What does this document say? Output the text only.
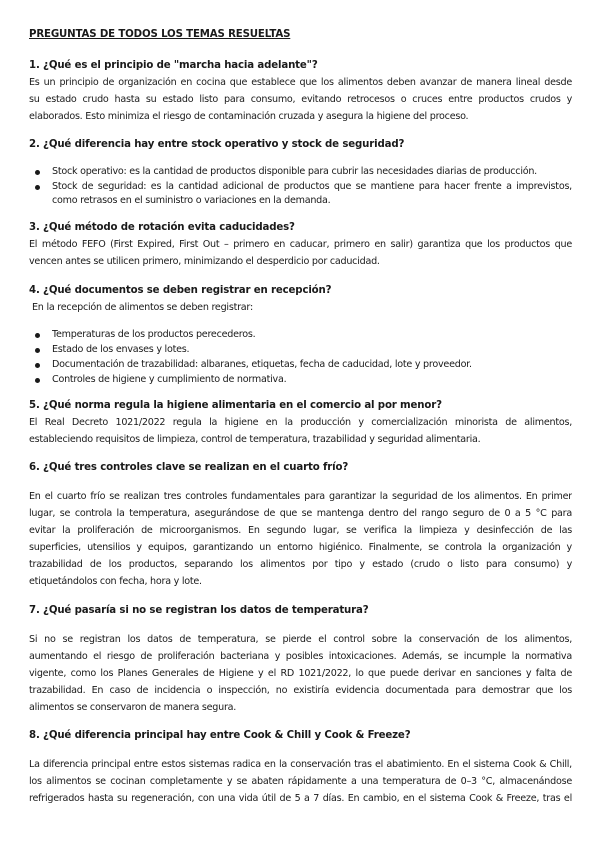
PREGUNTAS DE TODOS LOS TEMAS RESUELTAS
1. ¿Qué es el principio de "marcha hacia adelante"?
Es un principio de organización en cocina que establece que los alimentos deben avanzar de manera lineal desde
su estado crudo hasta su estado listo para consumo, evitando retrocesos o cruces entre productos crudos y
elaborados. Esto minimiza el riesgo de contaminación cruzada y asegura la higiene del proceso.
2. ¿Qué diferencia hay entre stock operativo y stock de seguridad?
Stock operativo: es la cantidad de productos disponible para cubrir las necesidades diarias de producción.
Stock de seguridad: es la cantidad adicional de productos que se mantiene para hacer frente a imprevistos,
como retrasos en el suministro o variaciones en la demanda.
3. ¿Qué método de rotación evita caducidades?
El método FEFO (First Expired, First Out – primero en caducar, primero en salir) garantiza que los productos que
vencen antes se utilicen primero, minimizando el desperdicio por caducidad.
4. ¿Qué documentos se deben registrar en recepción?
En la recepción de alimentos se deben registrar:
Temperaturas de los productos perecederos.
Estado de los envases y lotes.
Documentación de trazabilidad: albaranes, etiquetas, fecha de caducidad, lote y proveedor.
Controles de higiene y cumplimiento de normativa.
5. ¿Qué norma regula la higiene alimentaria en el comercio al por menor?
El Real Decreto 1021/2022 regula la higiene en la producción y comercialización minorista de alimentos,
estableciendo requisitos de limpieza, control de temperatura, trazabilidad y seguridad alimentaria.
6. ¿Qué tres controles clave se realizan en el cuarto frío?
En el cuarto frío se realizan tres controles fundamentales para garantizar la seguridad de los alimentos. En primer
lugar, se controla la temperatura, asegurándose de que se mantenga dentro del rango seguro de 0 a 5 °C para
evitar la proliferación de microorganismos. En segundo lugar, se verifica la limpieza y desinfección de las
superficies, utensilios y equipos, garantizando un entorno higiénico. Finalmente, se controla la organización y
trazabilidad de los productos, separando los alimentos por tipo y estado (crudo o listo para consumo) y
etiquetándolos con fecha, hora y lote.
7. ¿Qué pasaría si no se registran los datos de temperatura?
Si no se registran los datos de temperatura, se pierde el control sobre la conservación de los alimentos,
aumentando el riesgo de proliferación bacteriana y posibles intoxicaciones. Además, se incumple la normativa
vigente, como los Planes Generales de Higiene y el RD 1021/2022, lo que puede derivar en sanciones y falta de
trazabilidad. En caso de incidencia o inspección, no existiría evidencia documentada para demostrar que los
alimentos se conservaron de manera segura.
8. ¿Qué diferencia principal hay entre Cook & Chill y Cook & Freeze?
La diferencia principal entre estos sistemas radica en la conservación tras el abatimiento. En el sistema Cook & Chill,
los alimentos se cocinan completamente y se abaten rápidamente a una temperatura de 0–3 °C, almacenándose
refrigerados hasta su regeneración, con una vida útil de 5 a 7 días. En cambio, en el sistema Cook & Freeze, tras el
